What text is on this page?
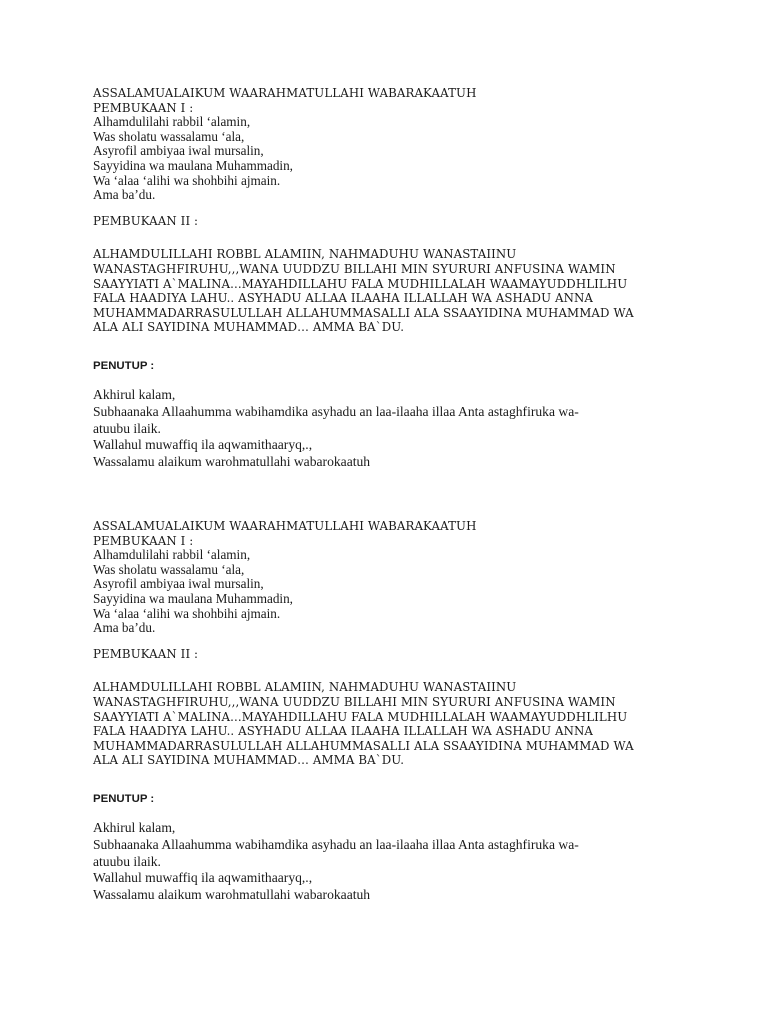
ASSALAMUALAIKUM WAARAHMATULLAHI WABARAKAATUH
PEMBUKAAN I :
Alhamdulilahi rabbil ‘alamin,
Was sholatu wassalamu ‘ala,
Asyrofil ambiyaa iwal mursalin,
Sayyidina wa maulana Muhammadin,
Wa ‘alaa ‘alihi wa shohbihi ajmain.
Ama ba’du.
PEMBUKAAN II :
ALHAMDULILLAHI ROBBL ALAMIIN, NAHMADUHU WANASTAIINU
WANASTAGHFIRUHU,,,WANA UUDDZU BILLAHI MIN SYURURI ANFUSINA WAMIN
SAAYYIATI A`MALINA...MAYAHDILLAHU FALA MUDHILLALAH WAAMAYUDDHLILHU
FALA HAADIYA LAHU.. ASYHADU ALLAA ILAAHA ILLALLAH WA ASHADU ANNA
MUHAMMADARRASULULLAH ALLAHUMMASALLI ALA SSAAYIDINA MUHAMMAD WA
ALA ALI SAYIDINA MUHAMMAD… AMMA BA`DU.
PENUTUP :
Akhirul kalam,
Subhaanaka Allaahumma wabihamdika asyhadu an laa-ilaaha illaa Anta astaghfiruka wa-
atuubu ilaik.
Wallahul muwaffiq ila aqwamithaaryq,.,
Wassalamu alaikum warohmatullahi wabarokaatuh
ASSALAMUALAIKUM WAARAHMATULLAHI WABARAKAATUH
PEMBUKAAN I :
Alhamdulilahi rabbil ‘alamin,
Was sholatu wassalamu ‘ala,
Asyrofil ambiyaa iwal mursalin,
Sayyidina wa maulana Muhammadin,
Wa ‘alaa ‘alihi wa shohbihi ajmain.
Ama ba’du.
PEMBUKAAN II :
ALHAMDULILLAHI ROBBL ALAMIIN, NAHMADUHU WANASTAIINU
WANASTAGHFIRUHU,,,WANA UUDDZU BILLAHI MIN SYURURI ANFUSINA WAMIN
SAAYYIATI A`MALINA...MAYAHDILLAHU FALA MUDHILLALAH WAAMAYUDDHLILHU
FALA HAADIYA LAHU.. ASYHADU ALLAA ILAAHA ILLALLAH WA ASHADU ANNA
MUHAMMADARRASULULLAH ALLAHUMMASALLI ALA SSAAYIDINA MUHAMMAD WA
ALA ALI SAYIDINA MUHAMMAD… AMMA BA`DU.
PENUTUP :
Akhirul kalam,
Subhaanaka Allaahumma wabihamdika asyhadu an laa-ilaaha illaa Anta astaghfiruka wa-
atuubu ilaik.
Wallahul muwaffiq ila aqwamithaaryq,.,
Wassalamu alaikum warohmatullahi wabarokaatuh
